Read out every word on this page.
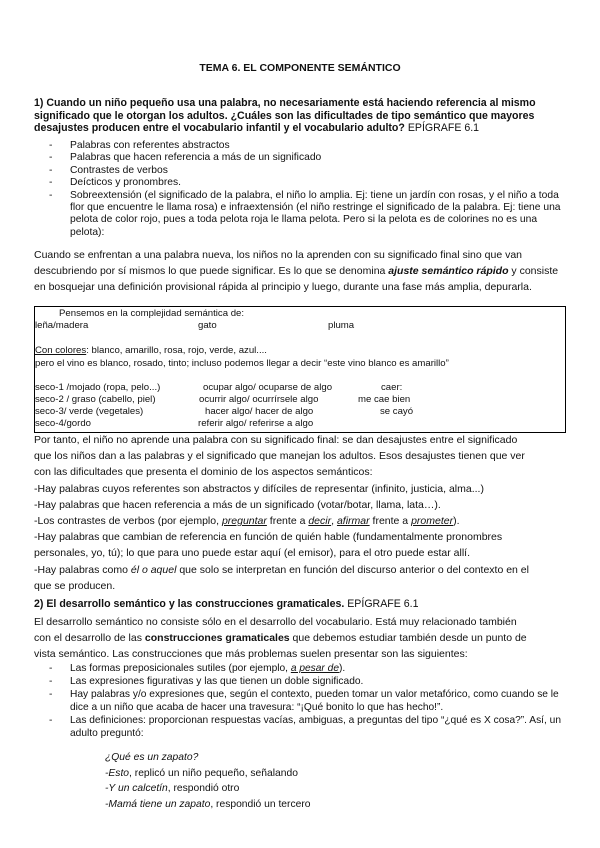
TEMA 6. EL COMPONENTE SEMÁNTICO
1) Cuando un niño pequeño usa una palabra, no necesariamente está haciendo referencia al mismo significado que le otorgan los adultos. ¿Cuáles son las dificultades de tipo semántico que mayores desajustes producen entre el vocabulario infantil y el vocabulario adulto? EPÍGRAFE 6.1
- Palabras con referentes abstractos
- Palabras que hacen referencia a más de un significado
- Contrastes de verbos
- Deícticos y pronombres.
- Sobreextensión (el significado de la palabra, el niño lo amplia. Ej: tiene un jardín con rosas, y el niño a toda flor que encuentre le llama rosa) e infraextensión (el niño restringe el significado de la palabra. Ej: tiene una pelota de color rojo, pues a toda pelota roja le llama pelota. Pero si la pelota es de colorines no es una pelota):
Cuando se enfrentan a una palabra nueva, los niños no la aprenden con su significado final sino que van descubriendo por sí mismos lo que puede significar. Es lo que se denomina ajuste semántico rápido y consiste en bosquejar una definición provisional rápida al principio y luego, durante una fase más amplia, depurarla.
Pensemos en la complejidad semántica de:
leña/madera	gato	pluma
Con colores: blanco, amarillo, rosa, rojo, verde, azul....
pero el vino es blanco, rosado, tinto; incluso podemos llegar a decir “este vino blanco es amarillo”
seco-1 /mojado (ropa, pelo...)	ocupar algo/ ocuparse de algo	caer:
seco-2 / graso (cabello, piel)	ocurrir algo/ ocurrírsele algo	me cae bien
seco-3/ verde (vegetales)	hacer algo/ hacer de algo	se cayó
seco-4/gordo	referir algo/ referirse a algo
Por tanto, el niño no aprende una palabra con su significado final: se dan desajustes entre el significado
que los niños dan a las palabras y el significado que manejan los adultos. Esos desajustes tienen que ver
con las dificultades que presenta el dominio de los aspectos semánticos:
-Hay palabras cuyos referentes son abstractos y difíciles de representar (infinito, justicia, alma...)
-Hay palabras que hacen referencia a más de un significado (votar/botar, llama, lata…).
-Los contrastes de verbos (por ejemplo, preguntar frente a decir, afirmar frente a prometer).
-Hay palabras que cambian de referencia en función de quién hable (fundamentalmente pronombres
personales, yo, tú); lo que para uno puede estar aquí (el emisor), para el otro puede estar allí.
-Hay palabras como él o aquel que solo se interpretan en función del discurso anterior o del contexto en el
que se producen.
2) El desarrollo semántico y las construcciones gramaticales. EPÍGRAFE 6.1
El desarrollo semántico no consiste sólo en el desarrollo del vocabulario. Está muy relacionado también
con el desarrollo de las construcciones gramaticales que debemos estudiar también desde un punto de
vista semántico. Las construcciones que más problemas suelen presentar son las siguientes:
- Las formas preposicionales sutiles (por ejemplo, a pesar de).
- Las expresiones figurativas y las que tienen un doble significado.
- Hay palabras y/o expresiones que, según el contexto, pueden tomar un valor metafórico, como cuando se le dice a un niño que acaba de hacer una travesura: “¡Qué bonito lo que has hecho!”.
- Las definiciones: proporcionan respuestas vacías, ambiguas, a preguntas del tipo “¿qué es X cosa?”. Así, un adulto preguntó:
¿Qué es un zapato?
-Esto, replicó un niño pequeño, señalando
-Y un calcetín, respondió otro
-Mamá tiene un zapato, respondió un tercero
